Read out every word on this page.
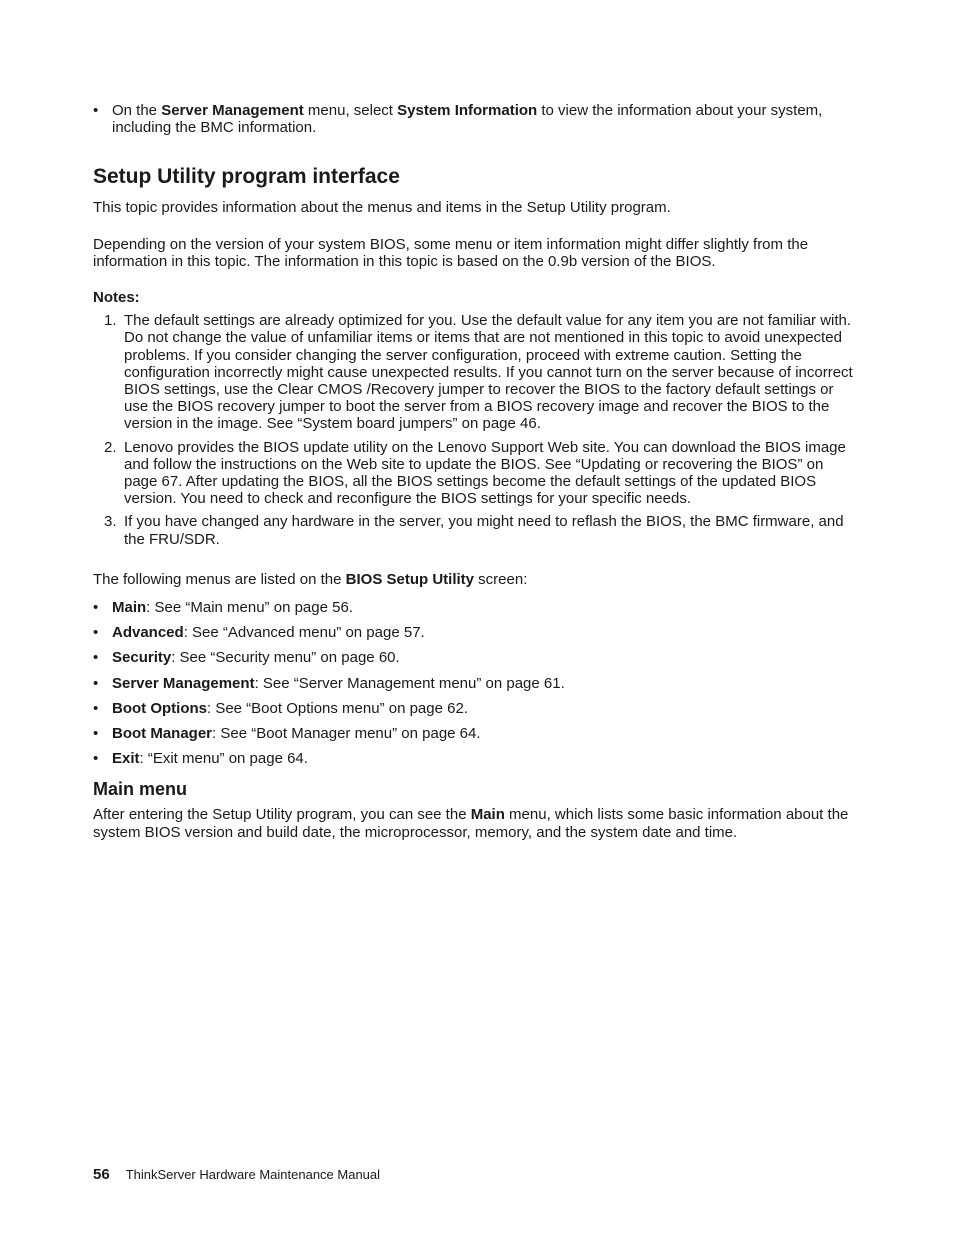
• On the Server Management menu, select System Information to view the information about your system, including the BMC information.

Setup Utility program interface

This topic provides information about the menus and items in the Setup Utility program.

Depending on the version of your system BIOS, some menu or item information might differ slightly from the information in this topic. The information in this topic is based on the 0.9b version of the BIOS.

Notes:

1. The default settings are already optimized for you. Use the default value for any item you are not familiar with. Do not change the value of unfamiliar items or items that are not mentioned in this topic to avoid unexpected problems. If you consider changing the server configuration, proceed with extreme caution. Setting the configuration incorrectly might cause unexpected results. If you cannot turn on the server because of incorrect BIOS settings, use the Clear CMOS /Recovery jumper to recover the BIOS to the factory default settings or use the BIOS recovery jumper to boot the server from a BIOS recovery image and recover the BIOS to the version in the image. See “System board jumpers” on page 46.
2. Lenovo provides the BIOS update utility on the Lenovo Support Web site. You can download the BIOS image and follow the instructions on the Web site to update the BIOS. See “Updating or recovering the BIOS” on page 67. After updating the BIOS, all the BIOS settings become the default settings of the updated BIOS version. You need to check and reconfigure the BIOS settings for your specific needs.
3. If you have changed any hardware in the server, you might need to reflash the BIOS, the BMC firmware, and the FRU/SDR.

The following menus are listed on the BIOS Setup Utility screen:

• Main: See “Main menu” on page 56.
• Advanced: See “Advanced menu” on page 57.
• Security: See “Security menu” on page 60.
• Server Management: See “Server Management menu” on page 61.
• Boot Options: See “Boot Options menu” on page 62.
• Boot Manager: See “Boot Manager menu” on page 64.
• Exit: “Exit menu” on page 64.
Main menu

After entering the Setup Utility program, you can see the Main menu, which lists some basic information about the system BIOS version and build date, the microprocessor, memory, and the system date and time.

56 ThinkServer Hardware Maintenance Manual
